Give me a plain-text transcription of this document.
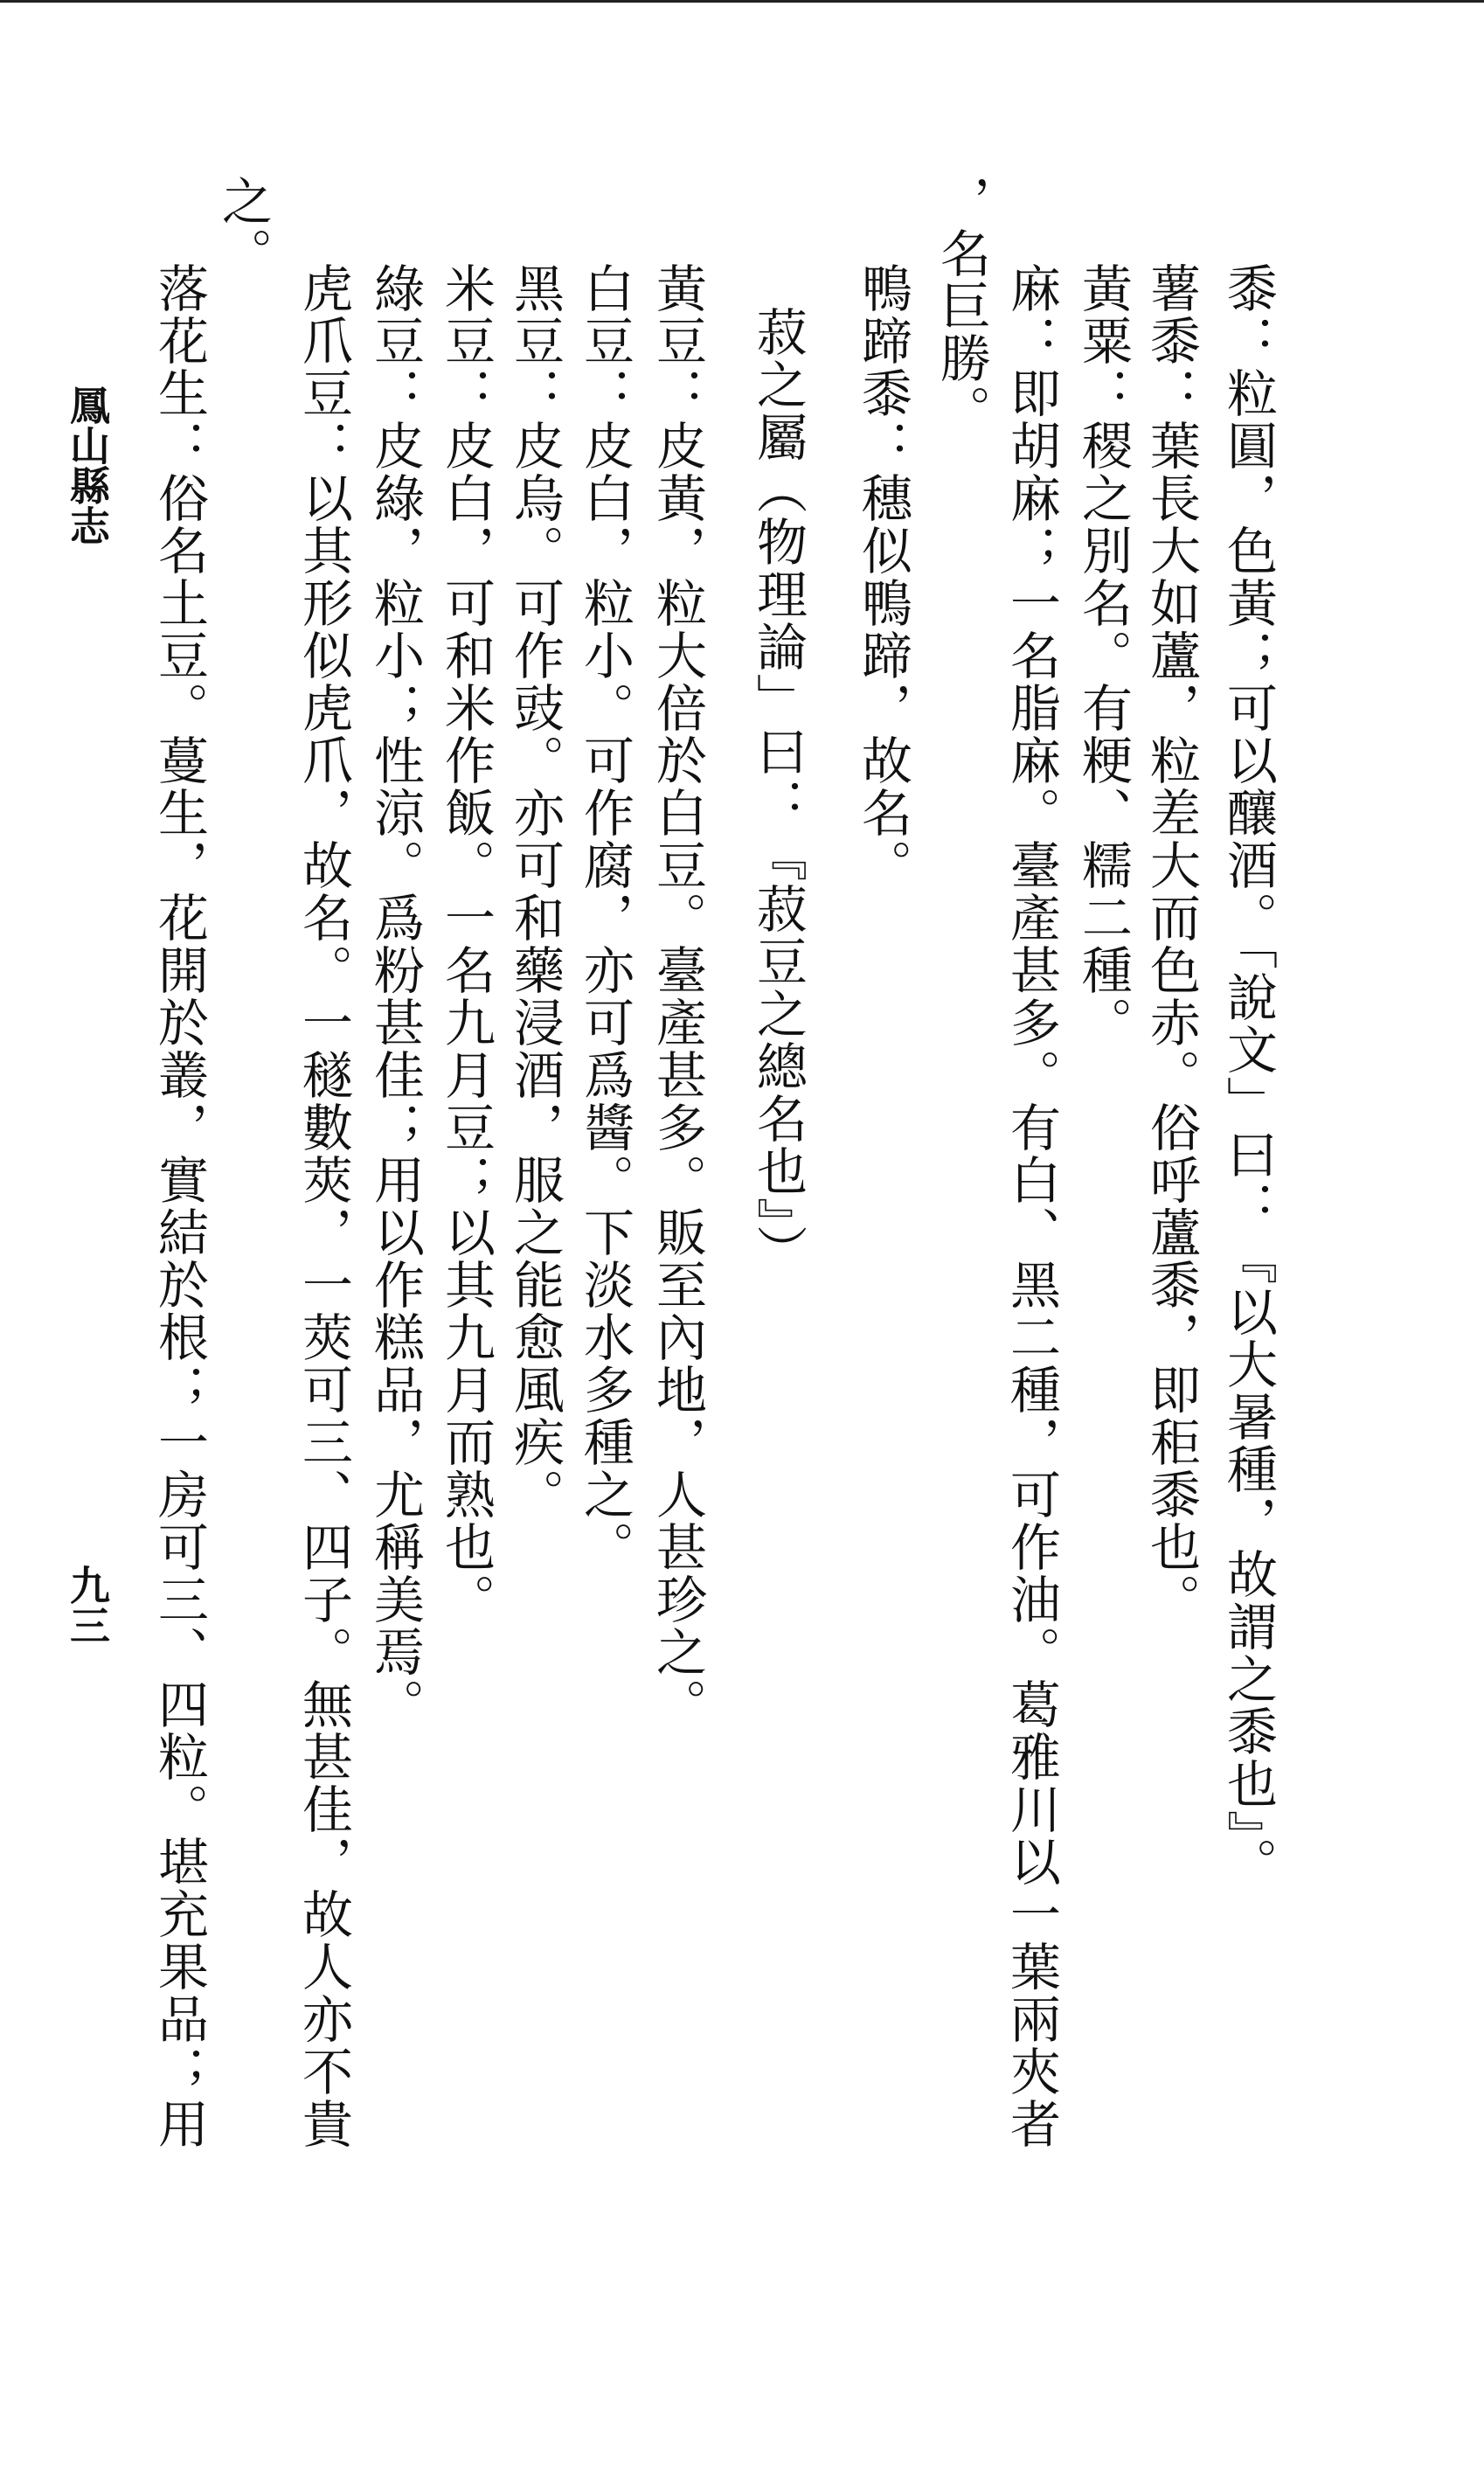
黍：粒圓，色黃；可以釀酒。「說文」曰：『以大暑種，故謂之黍也』。
薯黍：葉長大如蘆，粒差大而色赤。俗呼蘆黍，即秬黍也。
黃粟：稷之別名。有粳、糯二種。
麻：即胡麻；一名脂麻。臺產甚多。有白、黑二種，可作油。葛雅川以一葉兩夾者
，名巨勝。
鴨蹄黍：穗似鴨蹄，故名。
菽之屬（物理論」曰：『菽豆之總名也』）
黃豆：皮黃，粒大倍於白豆。臺產甚多。販至內地，人甚珍之。
白豆：皮白，粒小。可作腐，亦可爲醬。下淡水多種之。
黑豆：皮烏。可作豉。亦可和藥浸酒，服之能愈風疾。
米豆：皮白，可和米作飯。一名九月豆；以其九月而熟也。
綠豆：皮綠，粒小；性涼。爲粉甚佳；用以作糕品，尤稱美焉。
虎爪豆：以其形似虎爪，故名。一穟數莢，一莢可三、四子。無甚佳，故人亦不貴
之。
落花生：俗名土豆。蔓生，花開於叢，實結於根；一房可三、四粒。堪充果品；用
鳳山縣志
九三
